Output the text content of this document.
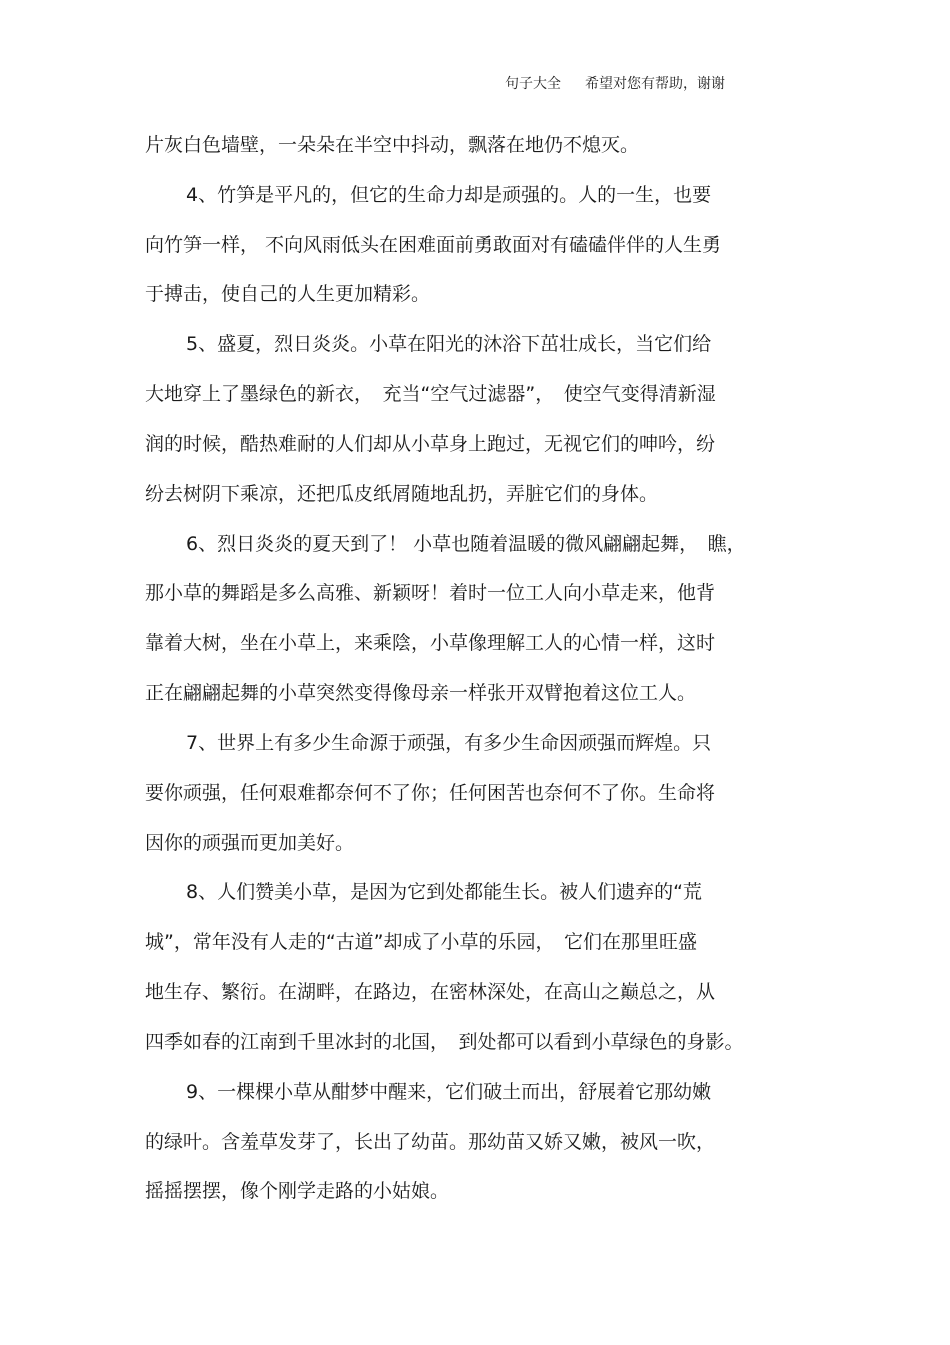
句子大全 希望对您有帮助，谢谢
片灰白色墙壁，一朵朵在半空中抖动，飘落在地仍不熄灭。
4、竹笋是平凡的，但它的生命力却是顽强的。人的一生，也要
向竹笋一样， 不向风雨低头在困难面前勇敢面对有磕磕伴伴的人生勇
于搏击，使自己的人生更加精彩。
5、盛夏，烈日炎炎。小草在阳光的沐浴下茁壮成长，当它们给
大地穿上了墨绿色的新衣，　充当“空气过滤器”，　使空气变得清新湿
润的时候，酷热难耐的人们却从小草身上跑过，无视它们的呻吟，纷
纷去树阴下乘凉，还把瓜皮纸屑随地乱扔，弄脏它们的身体。
6、烈日炎炎的夏天到了！ 小草也随着温暖的微风翩翩起舞，　瞧，
那小草的舞蹈是多么高雅、新颖呀！着时一位工人向小草走来，他背
靠着大树，坐在小草上，来乘陰，小草像理解工人的心情一样，这时
正在翩翩起舞的小草突然变得像母亲一样张开双臂抱着这位工人。
7、世界上有多少生命源于顽强，有多少生命因顽强而辉煌。只
要你顽强，任何艰难都奈何不了你；任何困苦也奈何不了你。生命将
因你的顽强而更加美好。
8、人们赞美小草，是因为它到处都能生长。被人们遗弃的“荒
城”，常年没有人走的“古道”却成了小草的乐园，　它们在那里旺盛
地生存、繁衍。在湖畔，在路边，在密林深处，在高山之巅总之，从
四季如春的江南到千里冰封的北国，　到处都可以看到小草绿色的身影。
9、一棵棵小草从酣梦中醒来，它们破土而出，舒展着它那幼嫩
的绿叶。含羞草发芽了，长出了幼苗。那幼苗又娇又嫩，被风一吹，
摇摇摆摆，像个刚学走路的小姑娘。
